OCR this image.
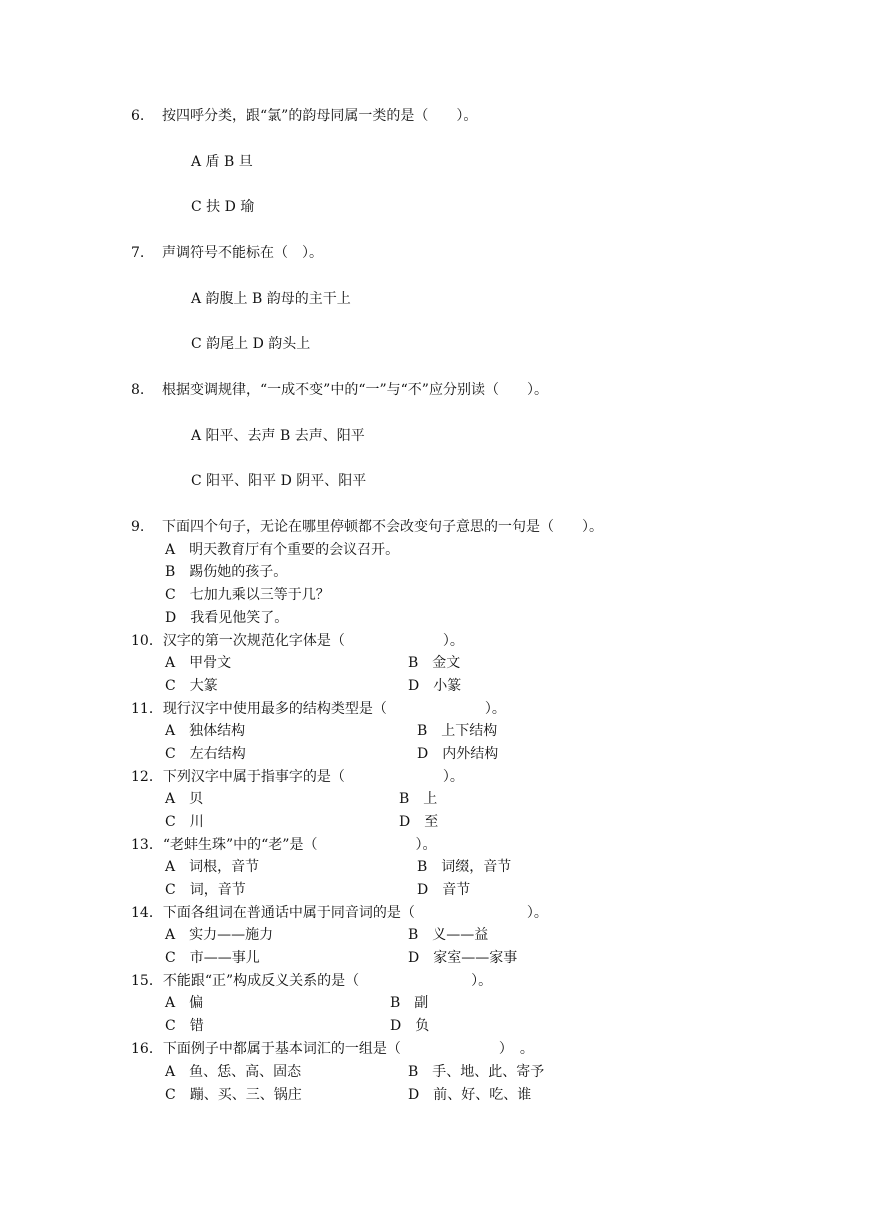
6. 按四呼分类，跟“氯”的韵母同属一类的是（　　）。
A 盾 B 旦
C 扶 D 瑜
7. 声调符号不能标在（　）。
A 韵腹上 B 韵母的主干上
C 韵尾上 D 韵头上
8. 根据变调规律，“一成不变”中的“一”与“不”应分别读（　　）。
A 阳平、去声 B 去声、阳平
C 阳平、阳平 D 阴平、阳平
9. 下面四个句子，无论在哪里停顿都不会改变句子意思的一句是（　　）。
A　明天教育厅有个重要的会议召开。
B　踢伤她的孩子。
C　七加九乘以三等于几？
D　我看见他笑了。
10．汉字的第一次规范化字体是（　　　　　　　）。
A　甲骨文	B　金文
C　大篆	D　小篆
11．现行汉字中使用最多的结构类型是（　　　　　　　）。
A　独体结构	B　上下结构
C　左右结构	D　内外结构
12．下列汉字中属于指事字的是（　　　　　　　）。
A　贝	B　上
C　川	D　至
13．“老蚌生珠”中的“老”是（　　　　　　　）。
A　词根，音节	B　词缀，音节
C　词，音节	D　音节
14．下面各组词在普通话中属于同音词的是（　　　　　　　　）。
A　实力——施力	B　义——益
C　市——事儿	D　家室——家事
15．不能跟“正”构成反义关系的是（　　　　　　　　）。
A　偏	B　副
C　错	D　负
16．下面例子中都属于基本词汇的一组是（　　　　　　　）　。
A　鱼、恁、高、固态	B　手、地、此、寄予
C　蹦、买、三、锅庄	D　前、好、吃、谁
